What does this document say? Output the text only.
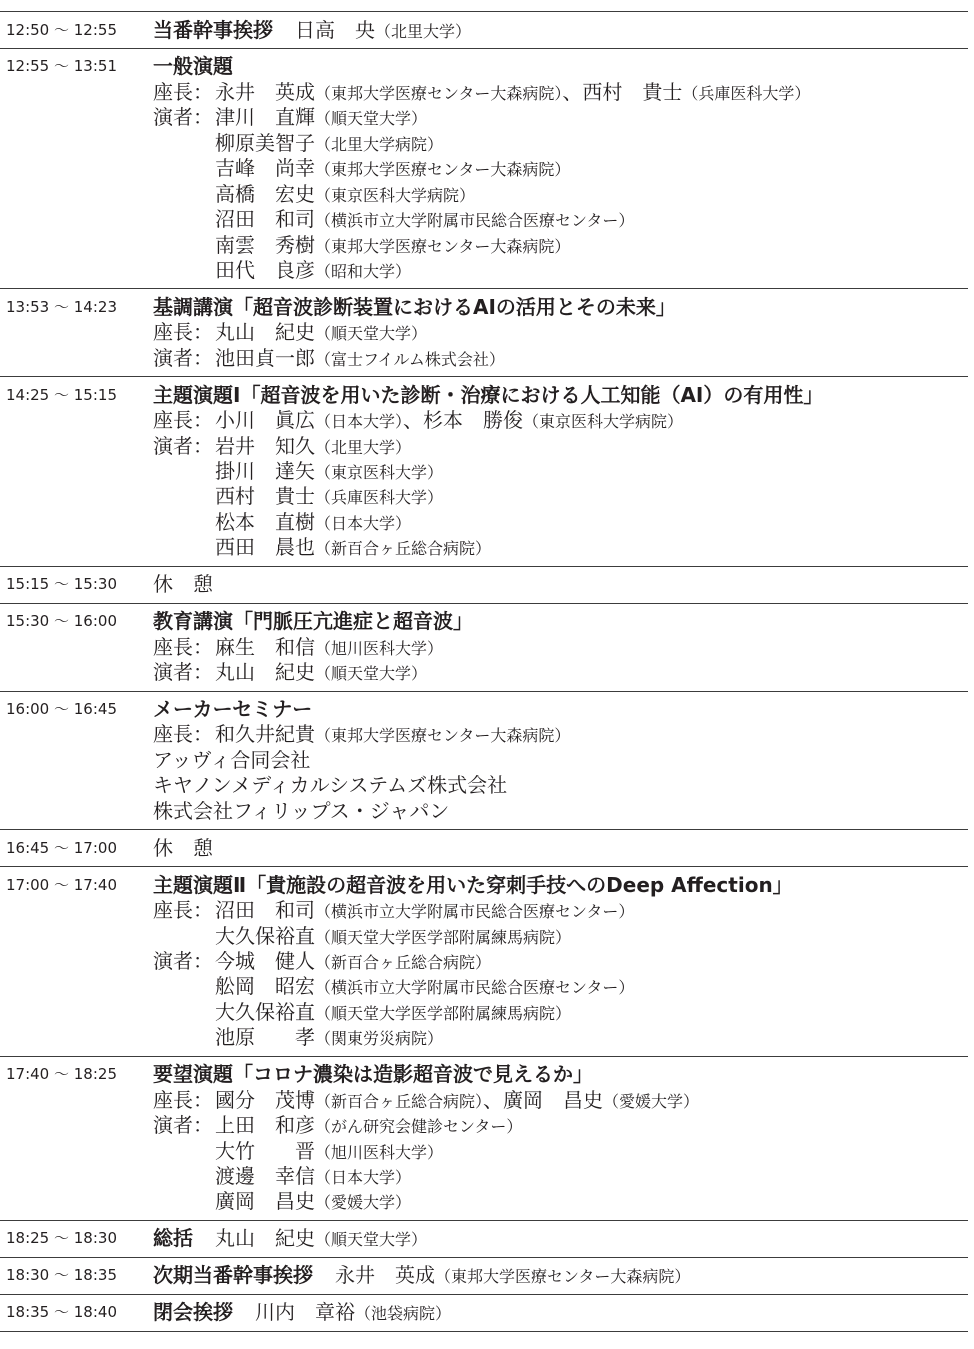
12:50 ～ 12:55	当番幹事挨拶 日高　央（北里大学）
12:55 ～ 13:51	一般演題
座長： 永井　英成（東邦大学医療センター大森病院）、西村　貴士（兵庫医科大学）
演者： 津川　直輝（順天堂大学）
柳原美智子（北里大学病院）
吉峰　尚幸（東邦大学医療センター大森病院）
高橋　宏史（東京医科大学病院）
沼田　和司（横浜市立大学附属市民総合医療センター）
南雲　秀樹（東邦大学医療センター大森病院）
田代　良彦（昭和大学）
13:53 ～ 14:23	基調講演「超音波診断装置におけるAIの活用とその未来」
座長： 丸山　紀史（順天堂大学）
演者： 池田貞一郎（富士フイルム株式会社）
14:25 ～ 15:15	主題演題Ⅰ「超音波を用いた診断・治療における人工知能（AI）の有用性」
座長： 小川　眞広（日本大学）、杉本　勝俊（東京医科大学病院）
演者： 岩井　知久（北里大学）
掛川　達矢（東京医科大学）
西村　貴士（兵庫医科大学）
松本　直樹（日本大学）
西田　晨也（新百合ヶ丘総合病院）
15:15 ～ 15:30	休　憩
15:30 ～ 16:00	教育講演「門脈圧亢進症と超音波」
座長： 麻生　和信（旭川医科大学）
演者： 丸山　紀史（順天堂大学）
16:00 ～ 16:45	メーカーセミナー
座長： 和久井紀貴（東邦大学医療センター大森病院）
アッヴィ合同会社
キヤノンメディカルシステムズ株式会社
株式会社フィリップス・ジャパン
16:45 ～ 17:00	休　憩
17:00 ～ 17:40	主題演題Ⅱ「貴施設の超音波を用いた穿刺手技へのDeep Affection」
座長： 沼田　和司（横浜市立大学附属市民総合医療センター）
大久保裕直（順天堂大学医学部附属練馬病院）
演者： 今城　健人（新百合ヶ丘総合病院）
舩岡　昭宏（横浜市立大学附属市民総合医療センター）
大久保裕直（順天堂大学医学部附属練馬病院）
池原　　孝（関東労災病院）
17:40 ～ 18:25	要望演題「コロナ濃染は造影超音波で見えるか」
座長： 國分　茂博（新百合ヶ丘総合病院）、廣岡　昌史（愛媛大学）
演者： 上田　和彦（がん研究会健診センター）
大竹　　晋（旭川医科大学）
渡邊　幸信（日本大学）
廣岡　昌史（愛媛大学）
18:25 ～ 18:30	総括 丸山　紀史（順天堂大学）
18:30 ～ 18:35	次期当番幹事挨拶 永井　英成（東邦大学医療センター大森病院）
18:35 ～ 18:40	閉会挨拶 川内　章裕（池袋病院）
